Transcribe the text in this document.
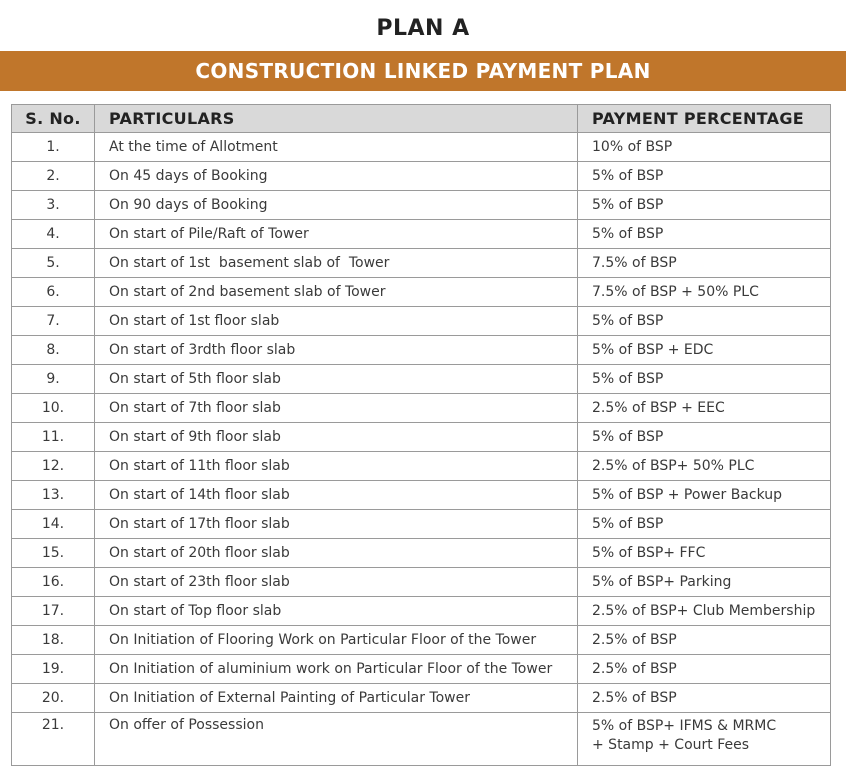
PLAN A
CONSTRUCTION LINKED PAYMENT PLAN
S. No.	PARTICULARS	PAYMENT PERCENTAGE
1.	At the time of Allotment	10% of BSP
2.	On 45 days of Booking	5% of BSP
3.	On 90 days of Booking	5% of BSP
4.	On start of Pile/Raft of Tower	5% of BSP
5.	On start of 1st  basement slab of  Tower	7.5% of BSP
6.	On start of 2nd basement slab of Tower	7.5% of BSP + 50% PLC
7.	On start of 1st floor slab	5% of BSP
8.	On start of 3rdth floor slab	5% of BSP + EDC
9.	On start of 5th floor slab	5% of BSP
10.	On start of 7th floor slab	2.5% of BSP + EEC
11.	On start of 9th floor slab	5% of BSP
12.	On start of 11th floor slab	2.5% of BSP+ 50% PLC
13.	On start of 14th floor slab	5% of BSP + Power Backup
14.	On start of 17th floor slab	5% of BSP
15.	On start of 20th floor slab	5% of BSP+ FFC
16.	On start of 23th floor slab	5% of BSP+ Parking
17.	On start of Top floor slab	2.5% of BSP+ Club Membership
18.	On Initiation of Flooring Work on Particular Floor of the Tower	2.5% of BSP
19.	On Initiation of aluminium work on Particular Floor of the Tower	2.5% of BSP
20.	On Initiation of External Painting of Particular Tower	2.5% of BSP
21.	On offer of Possession	5% of BSP+ IFMS & MRMC
+ Stamp + Court Fees
